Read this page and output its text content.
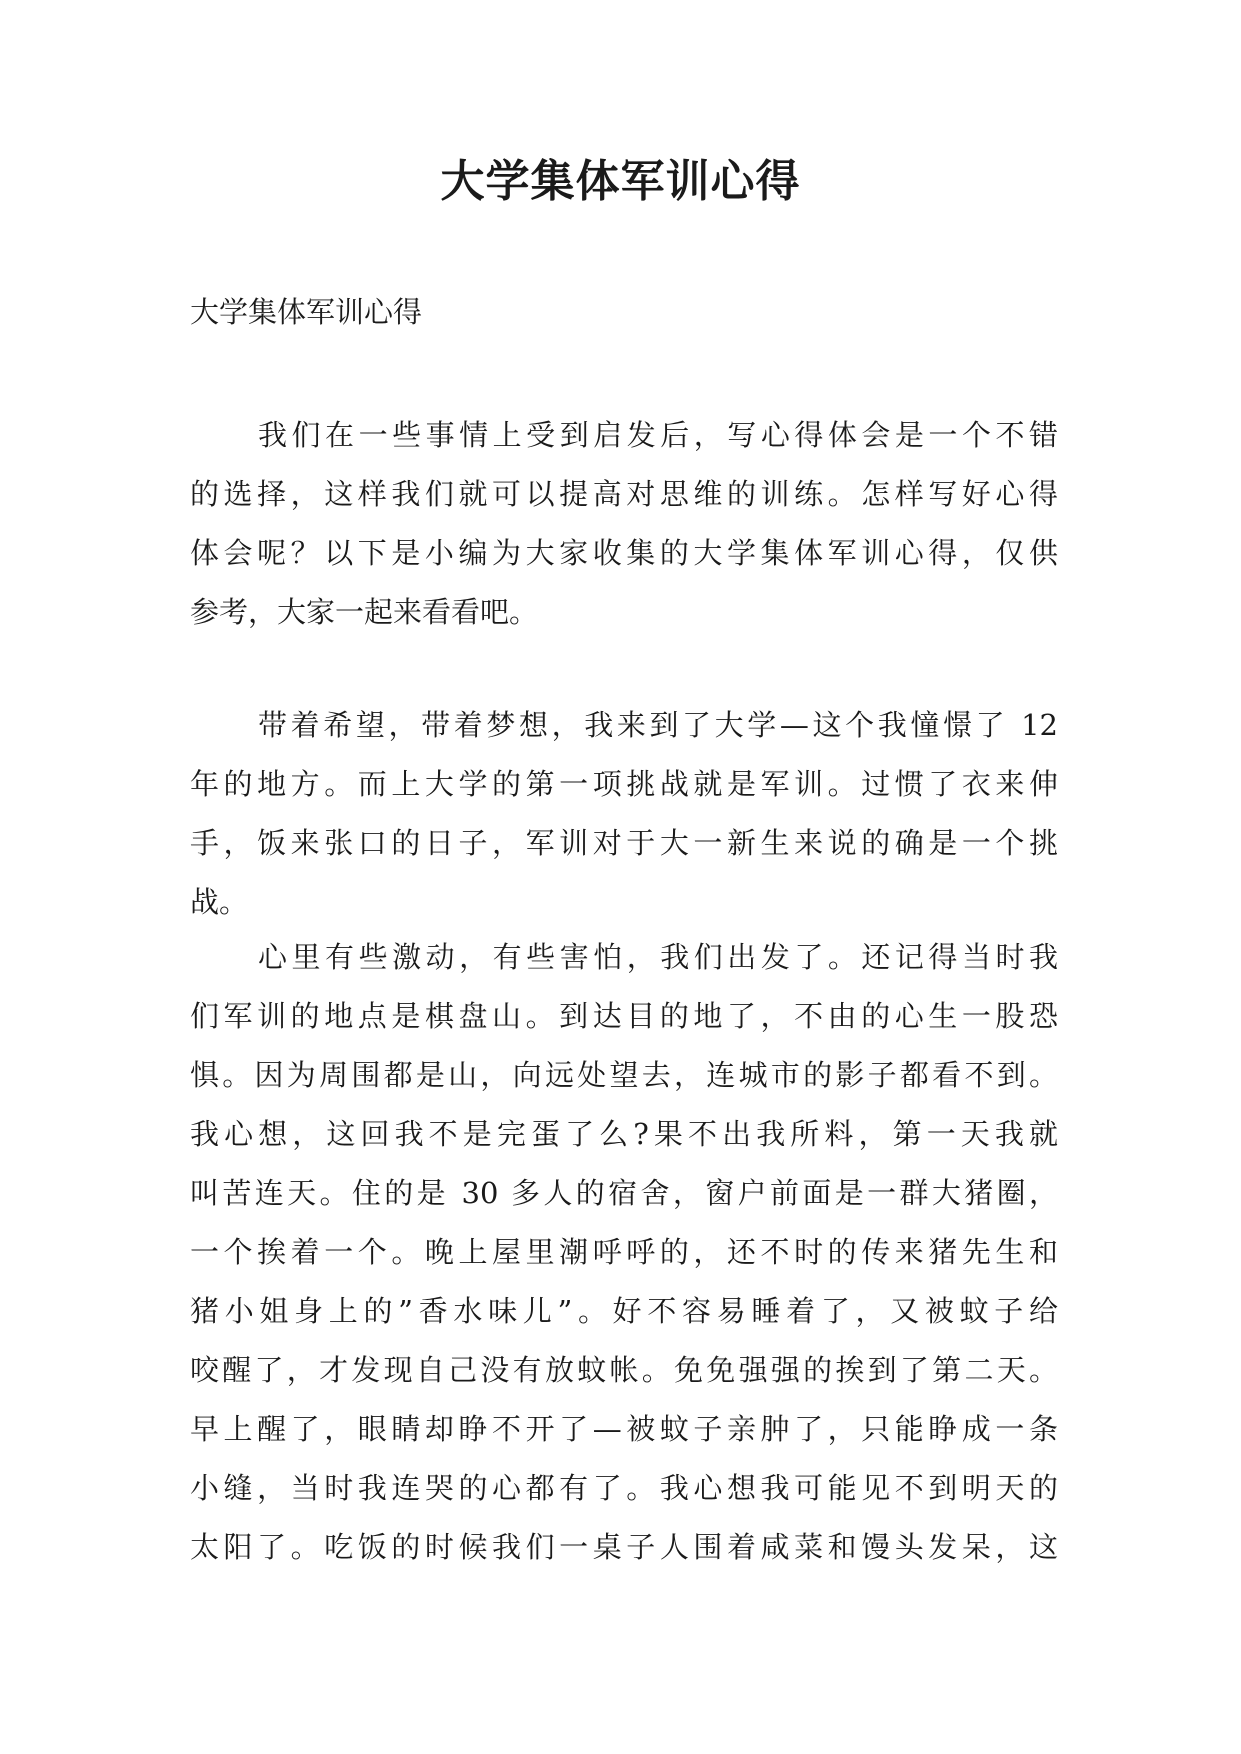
大学集体军训心得

大学集体军训心得

我们在一些事情上受到启发后，写心得体会是一个不错
的选择，这样我们就可以提高对思维的训练。怎样写好心得
体会呢？以下是小编为大家收集的大学集体军训心得，仅供
参考，大家一起来看看吧。
带着希望，带着梦想，我来到了大学—这个我憧憬了 12
年的地方。而上大学的第一项挑战就是军训。过惯了衣来伸
手，饭来张口的日子，军训对于大一新生来说的确是一个挑
战。
心里有些激动，有些害怕，我们出发了。还记得当时我
们军训的地点是棋盘山。到达目的地了，不由的心生一股恐
惧。因为周围都是山，向远处望去，连城市的影子都看不到。
我心想，这回我不是完蛋了么?果不出我所料，第一天我就
叫苦连天。住的是 30 多人的宿舍，窗户前面是一群大猪圈，
一个挨着一个。晚上屋里潮呼呼的，还不时的传来猪先生和
猪小姐身上的”香水味儿”。好不容易睡着了，又被蚊子给
咬醒了，才发现自己没有放蚊帐。免免强强的挨到了第二天。
早上醒了，眼睛却睁不开了—被蚊子亲肿了，只能睁成一条
小缝，当时我连哭的心都有了。我心想我可能见不到明天的
太阳了。吃饭的时候我们一桌子人围着咸菜和馒头发呆，这
